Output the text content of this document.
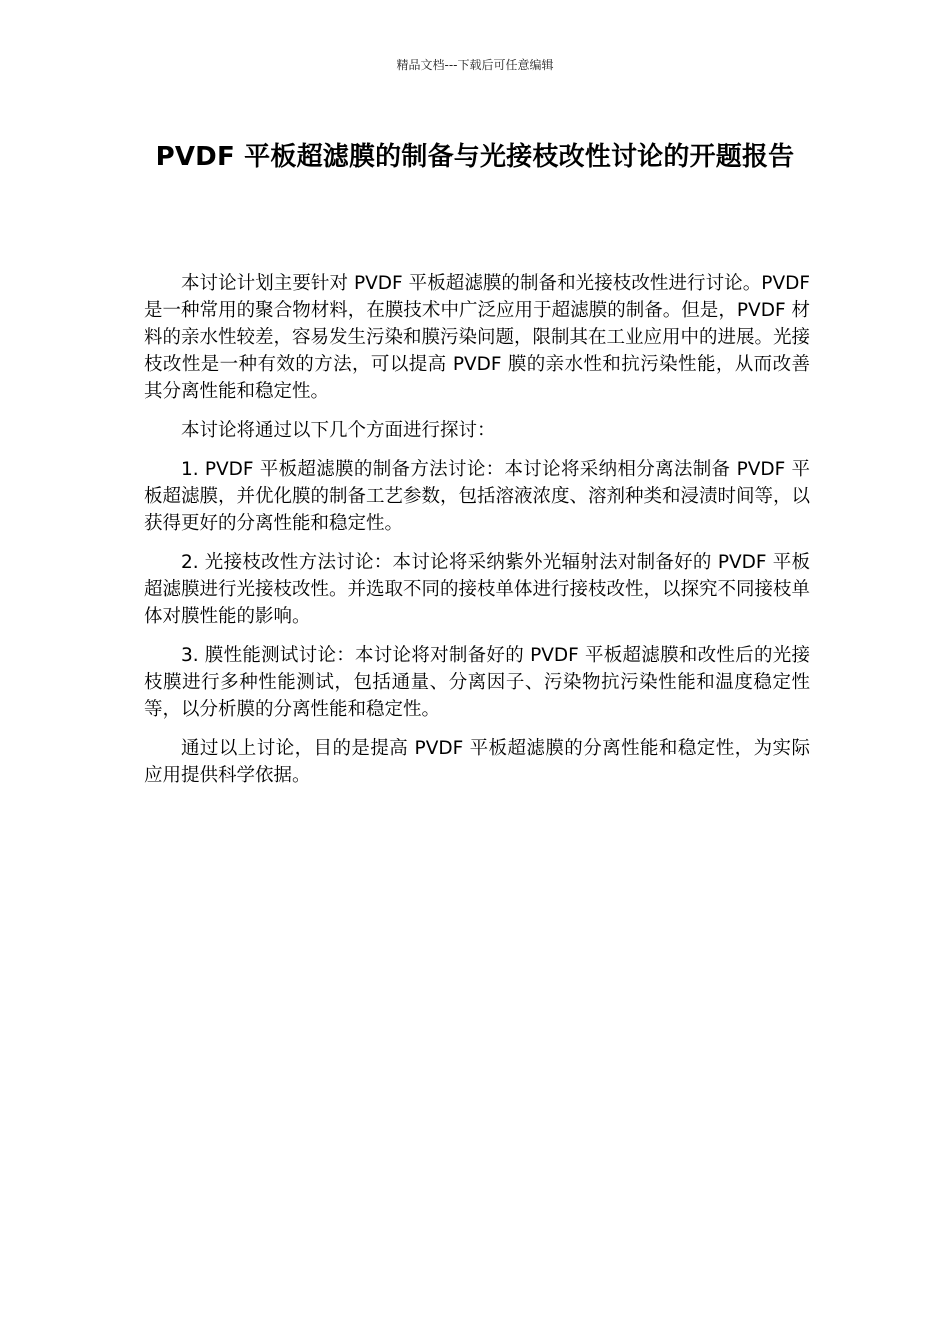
精品文档---下载后可任意编辑
PVDF 平板超滤膜的制备与光接枝改性讨论的开题报告

本讨论计划主要针对 PVDF 平板超滤膜的制备和光接枝改性进行讨论。PVDF 是一种常用的聚合物材料，在膜技术中广泛应用于超滤膜的制备。但是，PVDF 材料的亲水性较差，容易发生污染和膜污染问题，限制其在工业应用中的进展。光接枝改性是一种有效的方法，可以提高 PVDF 膜的亲水性和抗污染性能，从而改善其分离性能和稳定性。

本讨论将通过以下几个方面进行探讨：

1. PVDF 平板超滤膜的制备方法讨论：本讨论将采纳相分离法制备 PVDF 平板超滤膜，并优化膜的制备工艺参数，包括溶液浓度、溶剂种类和浸渍时间等，以获得更好的分离性能和稳定性。

2. 光接枝改性方法讨论：本讨论将采纳紫外光辐射法对制备好的 PVDF 平板超滤膜进行光接枝改性。并选取不同的接枝单体进行接枝改性，以探究不同接枝单体对膜性能的影响。

3. 膜性能测试讨论：本讨论将对制备好的 PVDF 平板超滤膜和改性后的光接枝膜进行多种性能测试，包括通量、分离因子、污染物抗污染性能和温度稳定性等，以分析膜的分离性能和稳定性。

通过以上讨论，目的是提高 PVDF 平板超滤膜的分离性能和稳定性，为实际应用提供科学依据。
